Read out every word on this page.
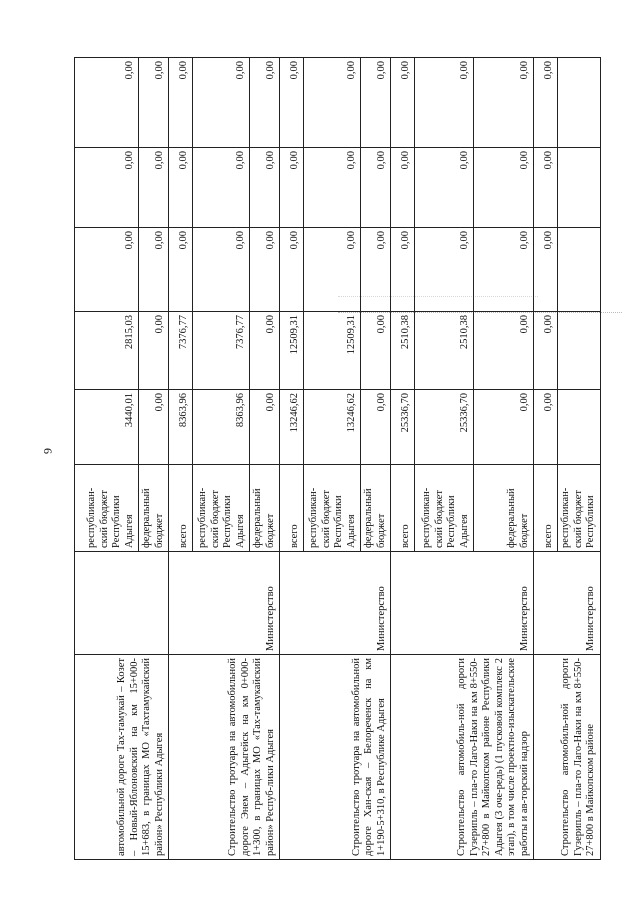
6
автомобильной дороге Тах-тамукай – Козет – Новый-Яблоновский на км 15+000-15+683, в границах МО «Тахтамукайский район» Республики Адыгея		республикан-ский бюджет Республики Адыгея	3440,01	2815,03	0,00	0,00	0,00
		федеральный бюджет	0,00	0,00	0,00	0,00	0,00
Строительство тротуара на автомобильной дороге Энем – Адыгейск на км 0+000-1+300, в границах МО «Тах-тамукайский район» Респуб-лики Адыгея	Министерство	всего	8363,96	7376,77	0,00	0,00	0,00
		республикан-ский бюджет Республики Адыгея	8363,96	7376,77	0,00	0,00	0,00
		федеральный бюджет	0,00	0,00	0,00	0,00	0,00
Строительство тротуара на автомобильной дороге Хан-ская – Белореченск на км 1+190-5+310, в Республике Адыгея	Министерство	всего	13246,62	12509,31	0,00	0,00	0,00
		республикан-ский бюджет Республики Адыгея	13246,62	12509,31	0,00	0,00	0,00
		федеральный бюджет	0,00	0,00	0,00	0,00	0,00
Строительство автомобиль-ной дороги Гузерипль – пла-то Лаго-Наки на км 8+550-27+800 в Майкопском районе Республики Адыгея (3 оче-редь) (1 пусковой комплекс 2 этап), в том числе проектно-изыскательские работы и ав-торский надзор	Министерство	всего	25336,70	2510,38	0,00	0,00	0,00
		республикан-ский бюджет Республики Адыгея	25336,70	2510,38	0,00	0,00	0,00
		федеральный бюджет	0,00	0,00	0,00	0,00	0,00
Строительство автомобиль-ной дороги Гузерипль – пла-то Лаго-Наки на км 8+550-27+800 в Майкопском районе	Министерство	всего	0,00	0,00	0,00	0,00	0,00
		республикан-ский бюджет Республики					
